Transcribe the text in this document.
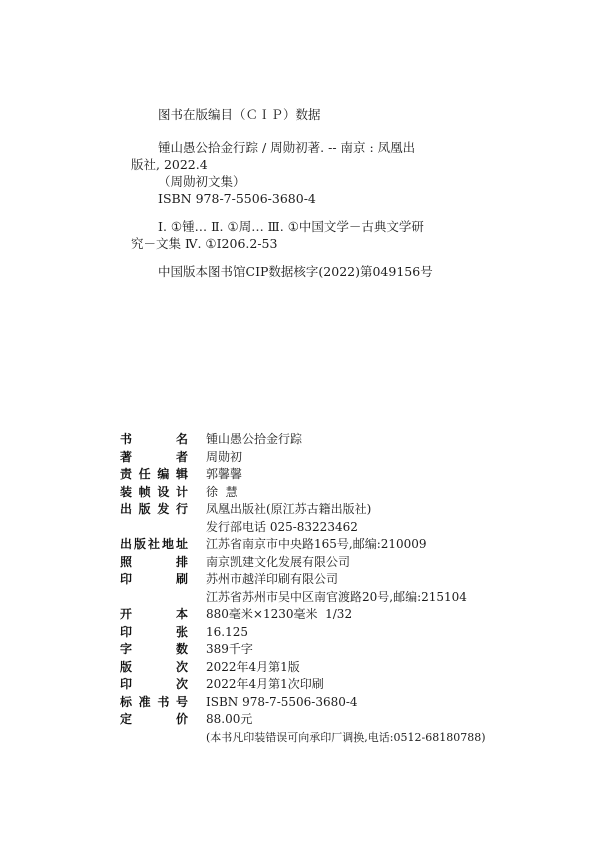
图书在版编目（ＣＩＰ）数据
锺山愚公拾金行踪 / 周勋初著. -- 南京 : 凤凰出
版社, 2022.4
（周勋初文集）
ISBN 978-7-5506-3680-4
Ⅰ. ①锺… Ⅱ. ①周… Ⅲ. ①中国文学－古典文学研
究－文集 Ⅳ. ①I206.2-53
中国版本图书馆CIP数据核字(2022)第049156号
书	名 锺山愚公拾金行踪
著	者 周勋初
责 任 编 辑 郭馨馨
装 帧 设 计 徐  慧
出 版 发 行 凤凰出版社(原江苏古籍出版社)
发行部电话 025-83223462
出 版 社 地 址 江苏省南京市中央路165号,邮编:210009
照	排 南京凯建文化发展有限公司
印	刷 苏州市越洋印刷有限公司
江苏省苏州市吴中区南官渡路20号,邮编:215104
开	本 880毫米×1230毫米  1/32
印	张 16.125
字	数 389千字
版	次 2022年4月第1版
印	次 2022年4月第1次印刷
标 准 书 号 ISBN 978-7-5506-3680-4
定	价 88.00元
(本书凡印装错误可向承印厂调换,电话:0512-68180788)
